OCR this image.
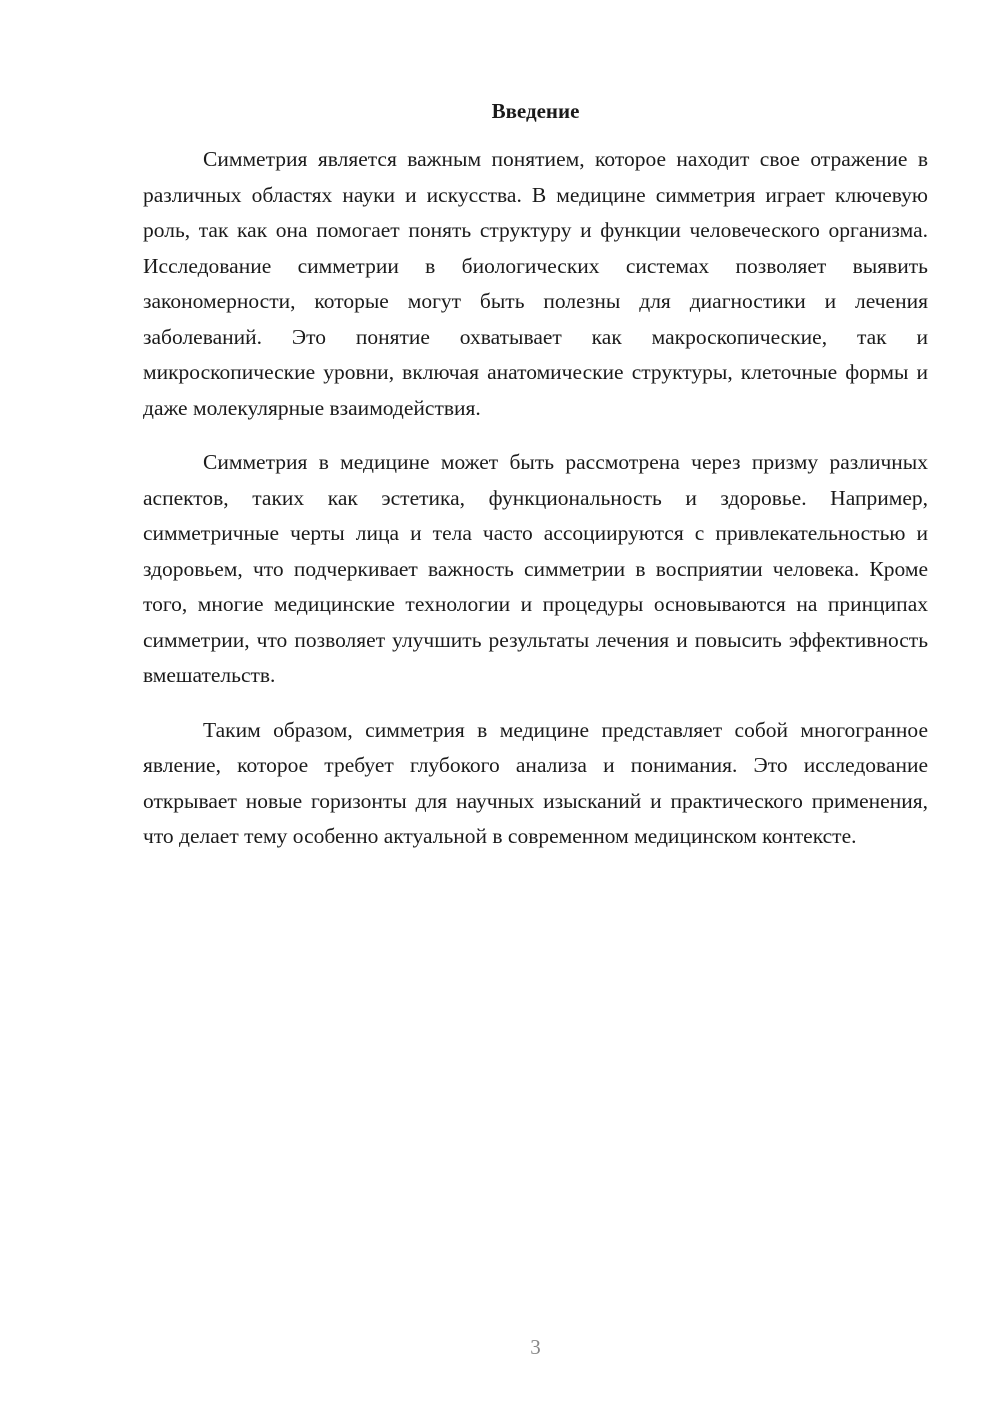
Введение

Симметрия является важным понятием, которое находит свое отражение в различных областях науки и искусства. В медицине симметрия играет ключевую роль, так как она помогает понять структуру и функции человеческого организма. Исследование симметрии в биологических системах позволяет выявить закономерности, которые могут быть полезны для диагностики и лечения заболеваний. Это понятие охватывает как макроскопические, так и микроскопические уровни, включая анатомические структуры, клеточные формы и даже молекулярные взаимодействия.

Симметрия в медицине может быть рассмотрена через призму различных аспектов, таких как эстетика, функциональность и здоровье. Например, симметричные черты лица и тела часто ассоциируются с привлекательностью и здоровьем, что подчеркивает важность симметрии в восприятии человека. Кроме того, многие медицинские технологии и процедуры основываются на принципах симметрии, что позволяет улучшить результаты лечения и повысить эффективность вмешательств.

Таким образом, симметрия в медицине представляет собой многогранное явление, которое требует глубокого анализа и понимания. Это исследование открывает новые горизонты для научных изысканий и практического применения, что делает тему особенно актуальной в современном медицинском контексте.

3
